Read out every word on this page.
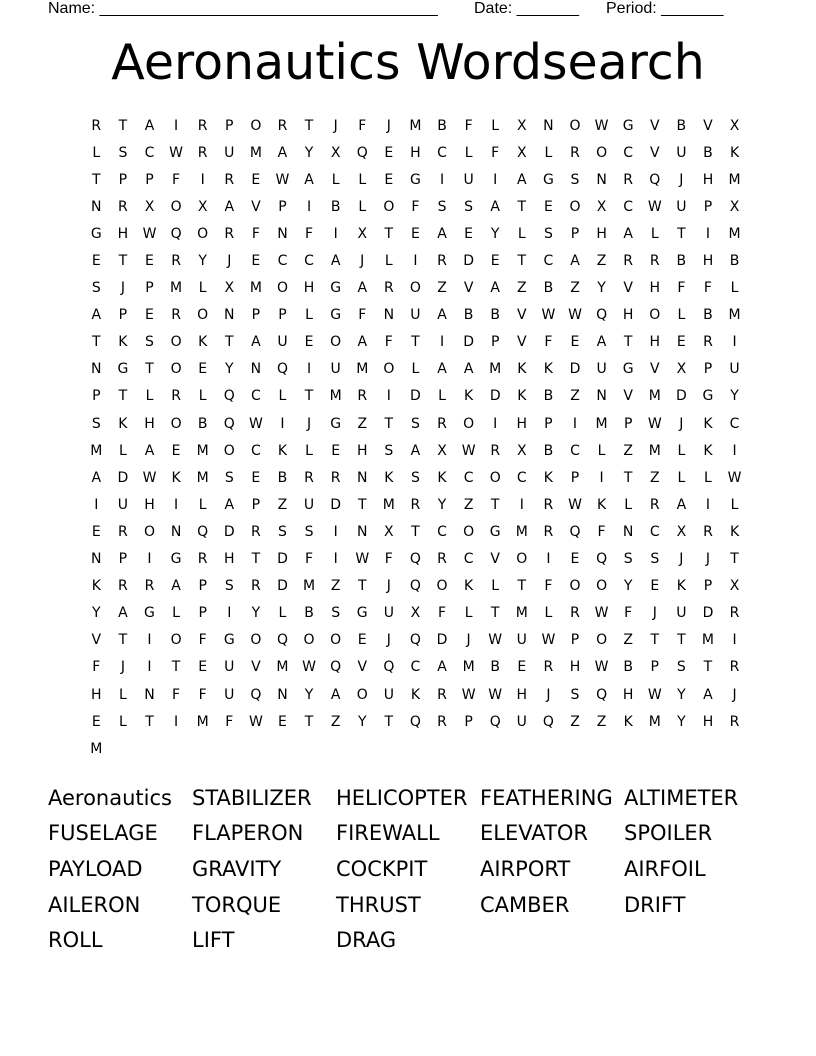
Name: ______________________________________ Date: _______ Period: _______
Aeronautics Wordsearch
R	T	A	I	R	P	O	R	T	J	F	J	M	B	F	L	X	N	O	W	G	V	B	V	X
L	S	C	W	R	U	M	A	Y	X	Q	E	H	C	L	F	X	L	R	O	C	V	U	B	K
T	P	P	F	I	R	E	W	A	L	L	E	G	I	U	I	A	G	S	N	R	Q	J	H	M
N	R	X	O	X	A	V	P	I	B	L	O	F	S	S	A	T	E	O	X	C	W	U	P	X
G	H	W	Q	O	R	F	N	F	I	X	T	E	A	E	Y	L	S	P	H	A	L	T	I	M
E	T	E	R	Y	J	E	C	C	A	J	L	I	R	D	E	T	C	A	Z	R	R	B	H	B
S	J	P	M	L	X	M	O	H	G	A	R	O	Z	V	A	Z	B	Z	Y	V	H	F	F	L
A	P	E	R	O	N	P	P	L	G	F	N	U	A	B	B	V	W W	Q	H	O	L	B	M
T	K	S	O	K	T	A	U	E	O	A	F	T	I	D	P	V	F	E	A	T	H	E	R	I
N	G	T	O	E	Y	N	Q	I	U	M	O	L	A	A	M	K	K	D	U	G	V	X	P	U
P	T	L	R	L	Q	C	L	T	M	R	I	D	L	K	D	K	B	Z	N	V	M	D	G	Y
S	K	H	O	B	Q	W	I	J	G	Z	T	S	R	O	I	H	P	I	M	P	W	J	K	C
M	L	A	E	M	O	C	K	L	E	H	S	A	X	W	R	X	B	C	L	Z	M	L	K	I
A	D	W	K	M	S	E	B	R	R	N	K	S	K	C	O	C	K	P	I	T	Z	L	L	W
I	U	H	I	L	A	P	Z	U	D	T	M	R	Y	Z	T	I	R	W	K	L	R	A	I	L
E	R	O	N	Q	D	R	S	S	I	N	X	T	C	O	G	M	R	Q	F	N	C	X	R	K
N	P	I	G	R	H	T	D	F	I	W	F	Q	R	C	V	O	I	E	Q	S	S	J	J	T
K	R	R	A	P	S	R	D	M	Z	T	J	Q	O	K	L	T	F	O	O	Y	E	K	P	X
Y	A	G	L	P	I	Y	L	B	S	G	U	X	F	L	T	M	L	R	W	F	J	U	D	R
V	T	I	O	F	G	O	Q	O	O	E	J	Q	D	J	W	U	W	P	O	Z	T	T	M	I
F	J	I	T	E	U	V	M W	Q	V	Q	C	A	M	B	E	R	H	W	B	P	S	T	R
H	L	N	F	F	U	Q	N	Y	A	O	U	K	R	W W	H	J	S	Q	H	W	Y	A	J
E	L	T	I	M	F	W	E	T	Z	Y	T	Q	R	P	Q	U	Q	Z	Z	K	M	Y	H	R
M
Aeronautics STABILIZER	HELICOPTER FEATHERING ALTIMETER
FUSELAGE	FLAPERON	FIREWALL	ELEVATOR	SPOILER
PAYLOAD	GRAVITY	COCKPIT	AIRPORT	AIRFOIL
AILERON	TORQUE	THRUST	CAMBER	DRIFT
ROLL	LIFT	DRAG
